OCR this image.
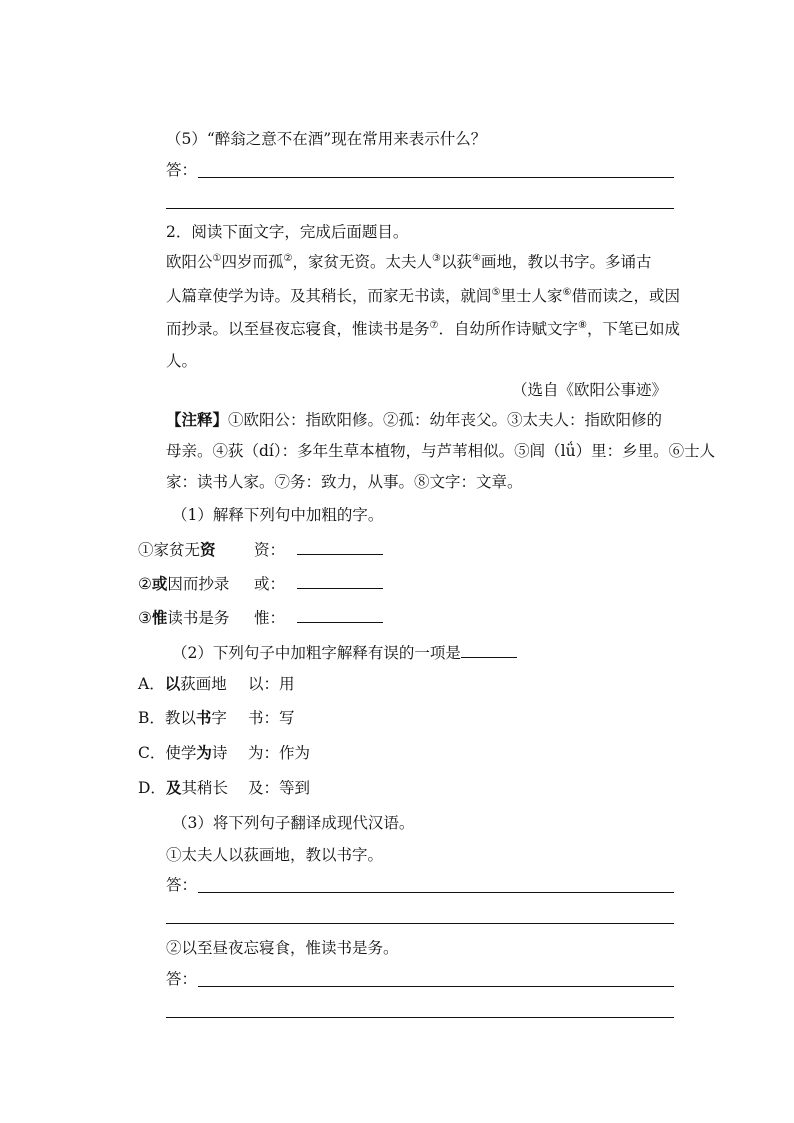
（5）“醉翁之意不在酒”现在常用来表示什么？
答：
2．阅读下面文字，完成后面题目。
欧阳公①四岁而孤②，家贫无资。太夫人③以荻④画地，教以书字。多诵古
人篇章使学为诗。及其稍长，而家无书读，就闾⑤里士人家⑥借而读之，或因
而抄录。以至昼夜忘寝食，惟读书是务⑦．自幼所作诗赋文字⑧，下笔已如成
人。
（选自《欧阳公事迹》
【注释】①欧阳公：指欧阳修。②孤：幼年丧父。③太夫人：指欧阳修的
母亲。④荻（dí）：多年生草本植物，与芦苇相似。⑤闾（lǘ）里：乡里。⑥士人
家：读书人家。⑦务：致力，从事。⑧文字：文章。
（1）解释下列句中加粗的字。
①家贫无资 资：
②或因而抄录 或：
③惟读书是务 惟：
（2）下列句子中加粗字解释有误的一项是
A．以荻画地 以：用
B．教以书字 书：写
C．使学为诗 为：作为
D．及其稍长 及：等到
（3）将下列句子翻译成现代汉语。
①太夫人以荻画地，教以书字。
答：
②以至昼夜忘寝食，惟读书是务。
答：
